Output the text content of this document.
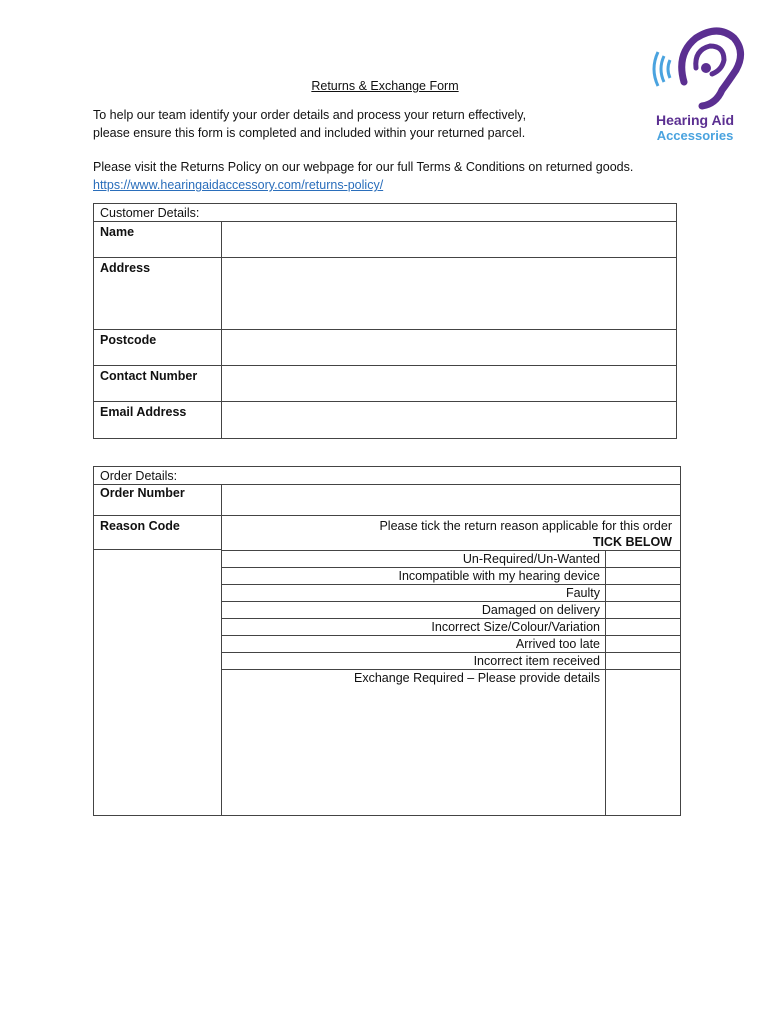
Hearing Aid
Accessories
Returns & Exchange Form
To help our team identify your order details and process your return effectively,
please ensure this form is completed and included within your returned parcel.
Please visit the Returns Policy on our webpage for our full Terms & Conditions on returned goods.
https://www.hearingaidaccessory.com/returns-policy/
Customer Details:
Name
Address
Postcode
Contact Number
Email Address
Order Details:
Order Number
Reason Code	Please tick the return reason applicable for this order
TICK BELOW
Un-Required/Un-Wanted
Incompatible with my hearing device
Faulty
Damaged on delivery
Incorrect Size/Colour/Variation
Arrived too late
Incorrect item received
Exchange Required – Please provide details
